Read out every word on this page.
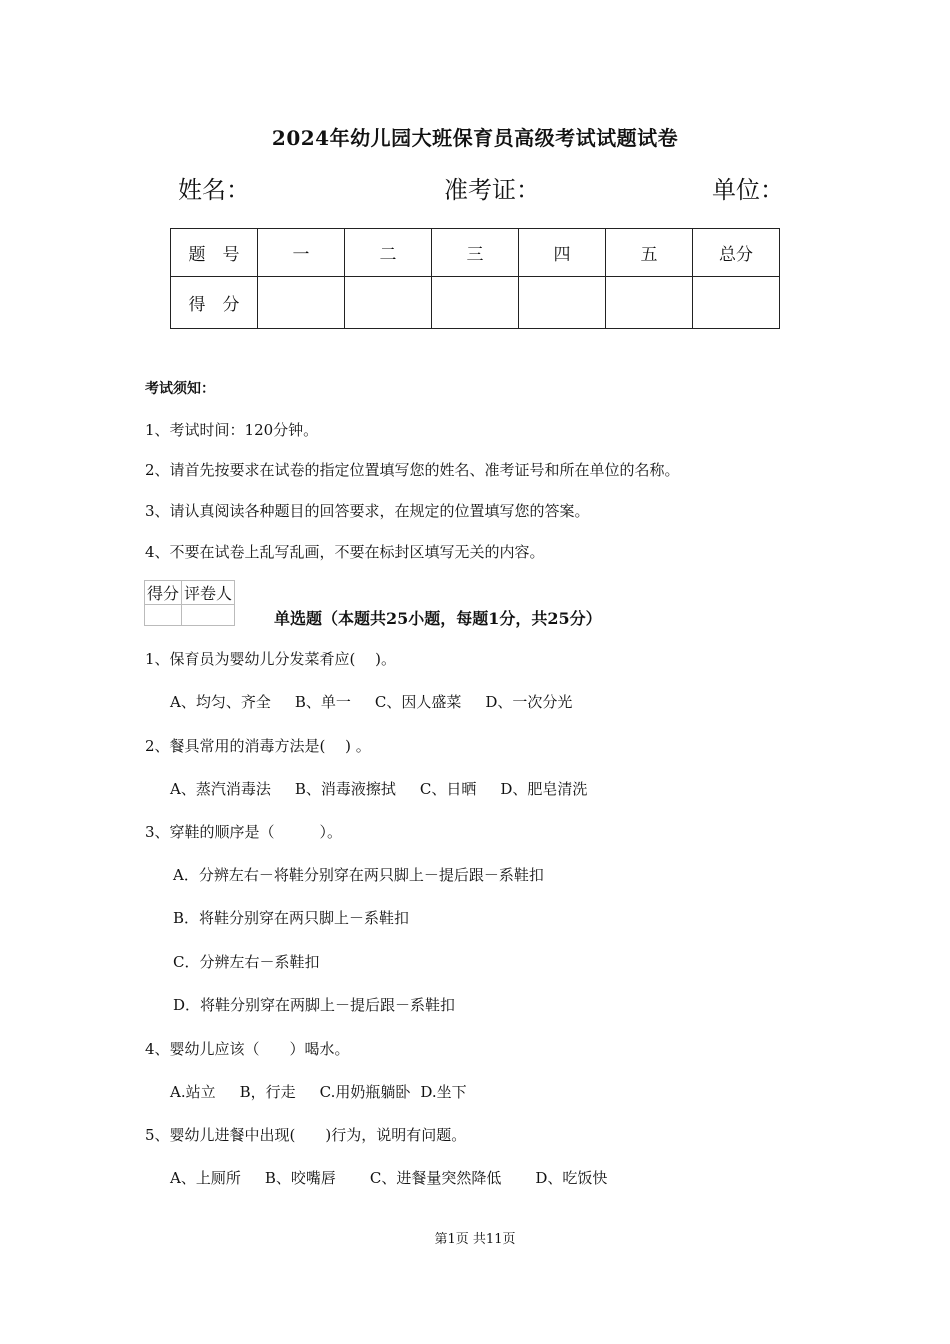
2024年幼儿园大班保育员高级考试试题试卷
姓名：	准考证：	单位：
题　号	一	二	三	四	五	总分
得　分						
考试须知：
1、考试时间：120分钟。
2、请首先按要求在试卷的指定位置填写您的姓名、准考证号和所在单位的名称。
3、请认真阅读各种题目的回答要求，在规定的位置填写您的答案。
4、不要在试卷上乱写乱画，不要在标封区填写无关的内容。
得分	评卷人

单选题（本题共25小题，每题1分，共25分）
1、保育员为婴幼儿分发菜肴应(　 )。
A、均匀、齐全 B、单一 C、因人盛菜 D、一次分光
2、餐具常用的消毒方法是(　 ) 。
A、蒸汽消毒法 B、消毒液擦拭 C、日晒 D、肥皂清洗
3、穿鞋的顺序是（　　　）。
A．分辨左右－将鞋分别穿在两只脚上－提后跟－系鞋扣
B．将鞋分别穿在两只脚上－系鞋扣
C．分辨左右－系鞋扣
D．将鞋分别穿在两脚上－提后跟－系鞋扣
4、婴幼儿应该（　　）喝水。
A.站立 B，行走 C.用奶瓶躺卧 D.坐下
5、婴幼儿进餐中出现(　　)行为，说明有问题。
A、上厕所 B、咬嘴唇 C、进餐量突然降低 D、吃饭快
第1页 共11页
